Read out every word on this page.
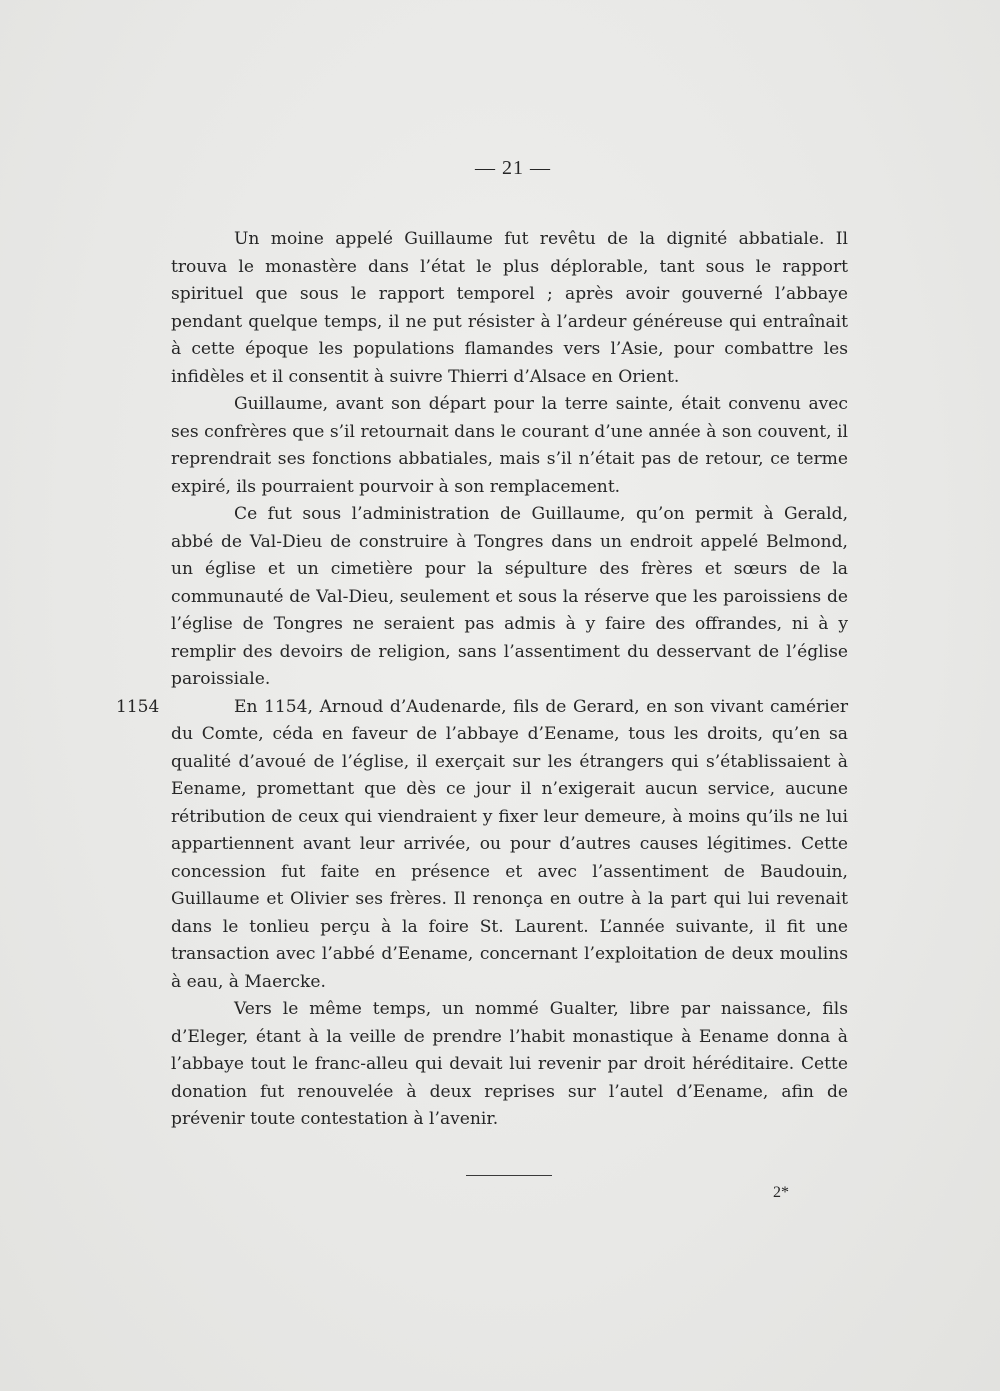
— 21 —

Un moine appelé Guillaume fut revêtu de la dignité abbatiale. Il trouva le monastère dans l’état le plus déplorable, tant sous le rapport spirituel que sous le rapport temporel ; après avoir gouverné l’abbaye pendant quelque temps, il ne put résister à l’ardeur généreuse qui entraînait à cette époque les populations flamandes vers l’Asie, pour combattre les infidèles et il consentit à suivre Thierri d’Alsace en Orient.

Guillaume, avant son départ pour la terre sainte, était convenu avec ses confrères que s’il retournait dans le courant d’une année à son couvent, il reprendrait ses fonctions abbatiales, mais s’il n’était pas de retour, ce terme expiré, ils pourraient pourvoir à son remplacement.

Ce fut sous l’administration de Guillaume, qu’on permit à Gerald, abbé de Val-Dieu de construire à Tongres dans un endroit appelé Belmond, un église et un cimetière pour la sépulture des frères et sœurs de la communauté de Val-Dieu, seulement et sous la réserve que les paroissiens de l’église de Tongres ne seraient pas admis à y faire des offrandes, ni à y remplir des devoirs de religion, sans l’assentiment du desservant de l’église paroissiale.

1154	En 1154, Arnoud d’Audenarde, fils de Gerard, en son vivant camérier du Comte, céda en faveur de l’abbaye d’Eename, tous les droits, qu’en sa qualité d’avoué de l’église, il exerçait sur les étrangers qui s’établissaient à Eename, promettant que dès ce jour il n’exigerait aucun service, aucune rétribution de ceux qui viendraient y fixer leur demeure, à moins qu’ils ne lui appartiennent avant leur arrivée, ou pour d’autres causes légitimes. Cette concession fut faite en présence et avec l’assentiment de Baudouin, Guillaume et Olivier ses frères. Il renonça en outre à la part qui lui revenait dans le tonlieu perçu à la foire St. Laurent. L’année suivante, il fit une transaction avec l’abbé d’Eename, concernant l’exploitation de deux moulins à eau, à Maercke.

Vers le même temps, un nommé Gualter, libre par naissance, fils d’Eleger, étant à la veille de prendre l’habit monastique à Eename donna à l’abbaye tout le franc-alleu qui devait lui revenir par droit héréditaire. Cette donation fut renouvelée à deux reprises sur l’autel d’Eename, afin de prévenir toute contestation à l’avenir.

2*
